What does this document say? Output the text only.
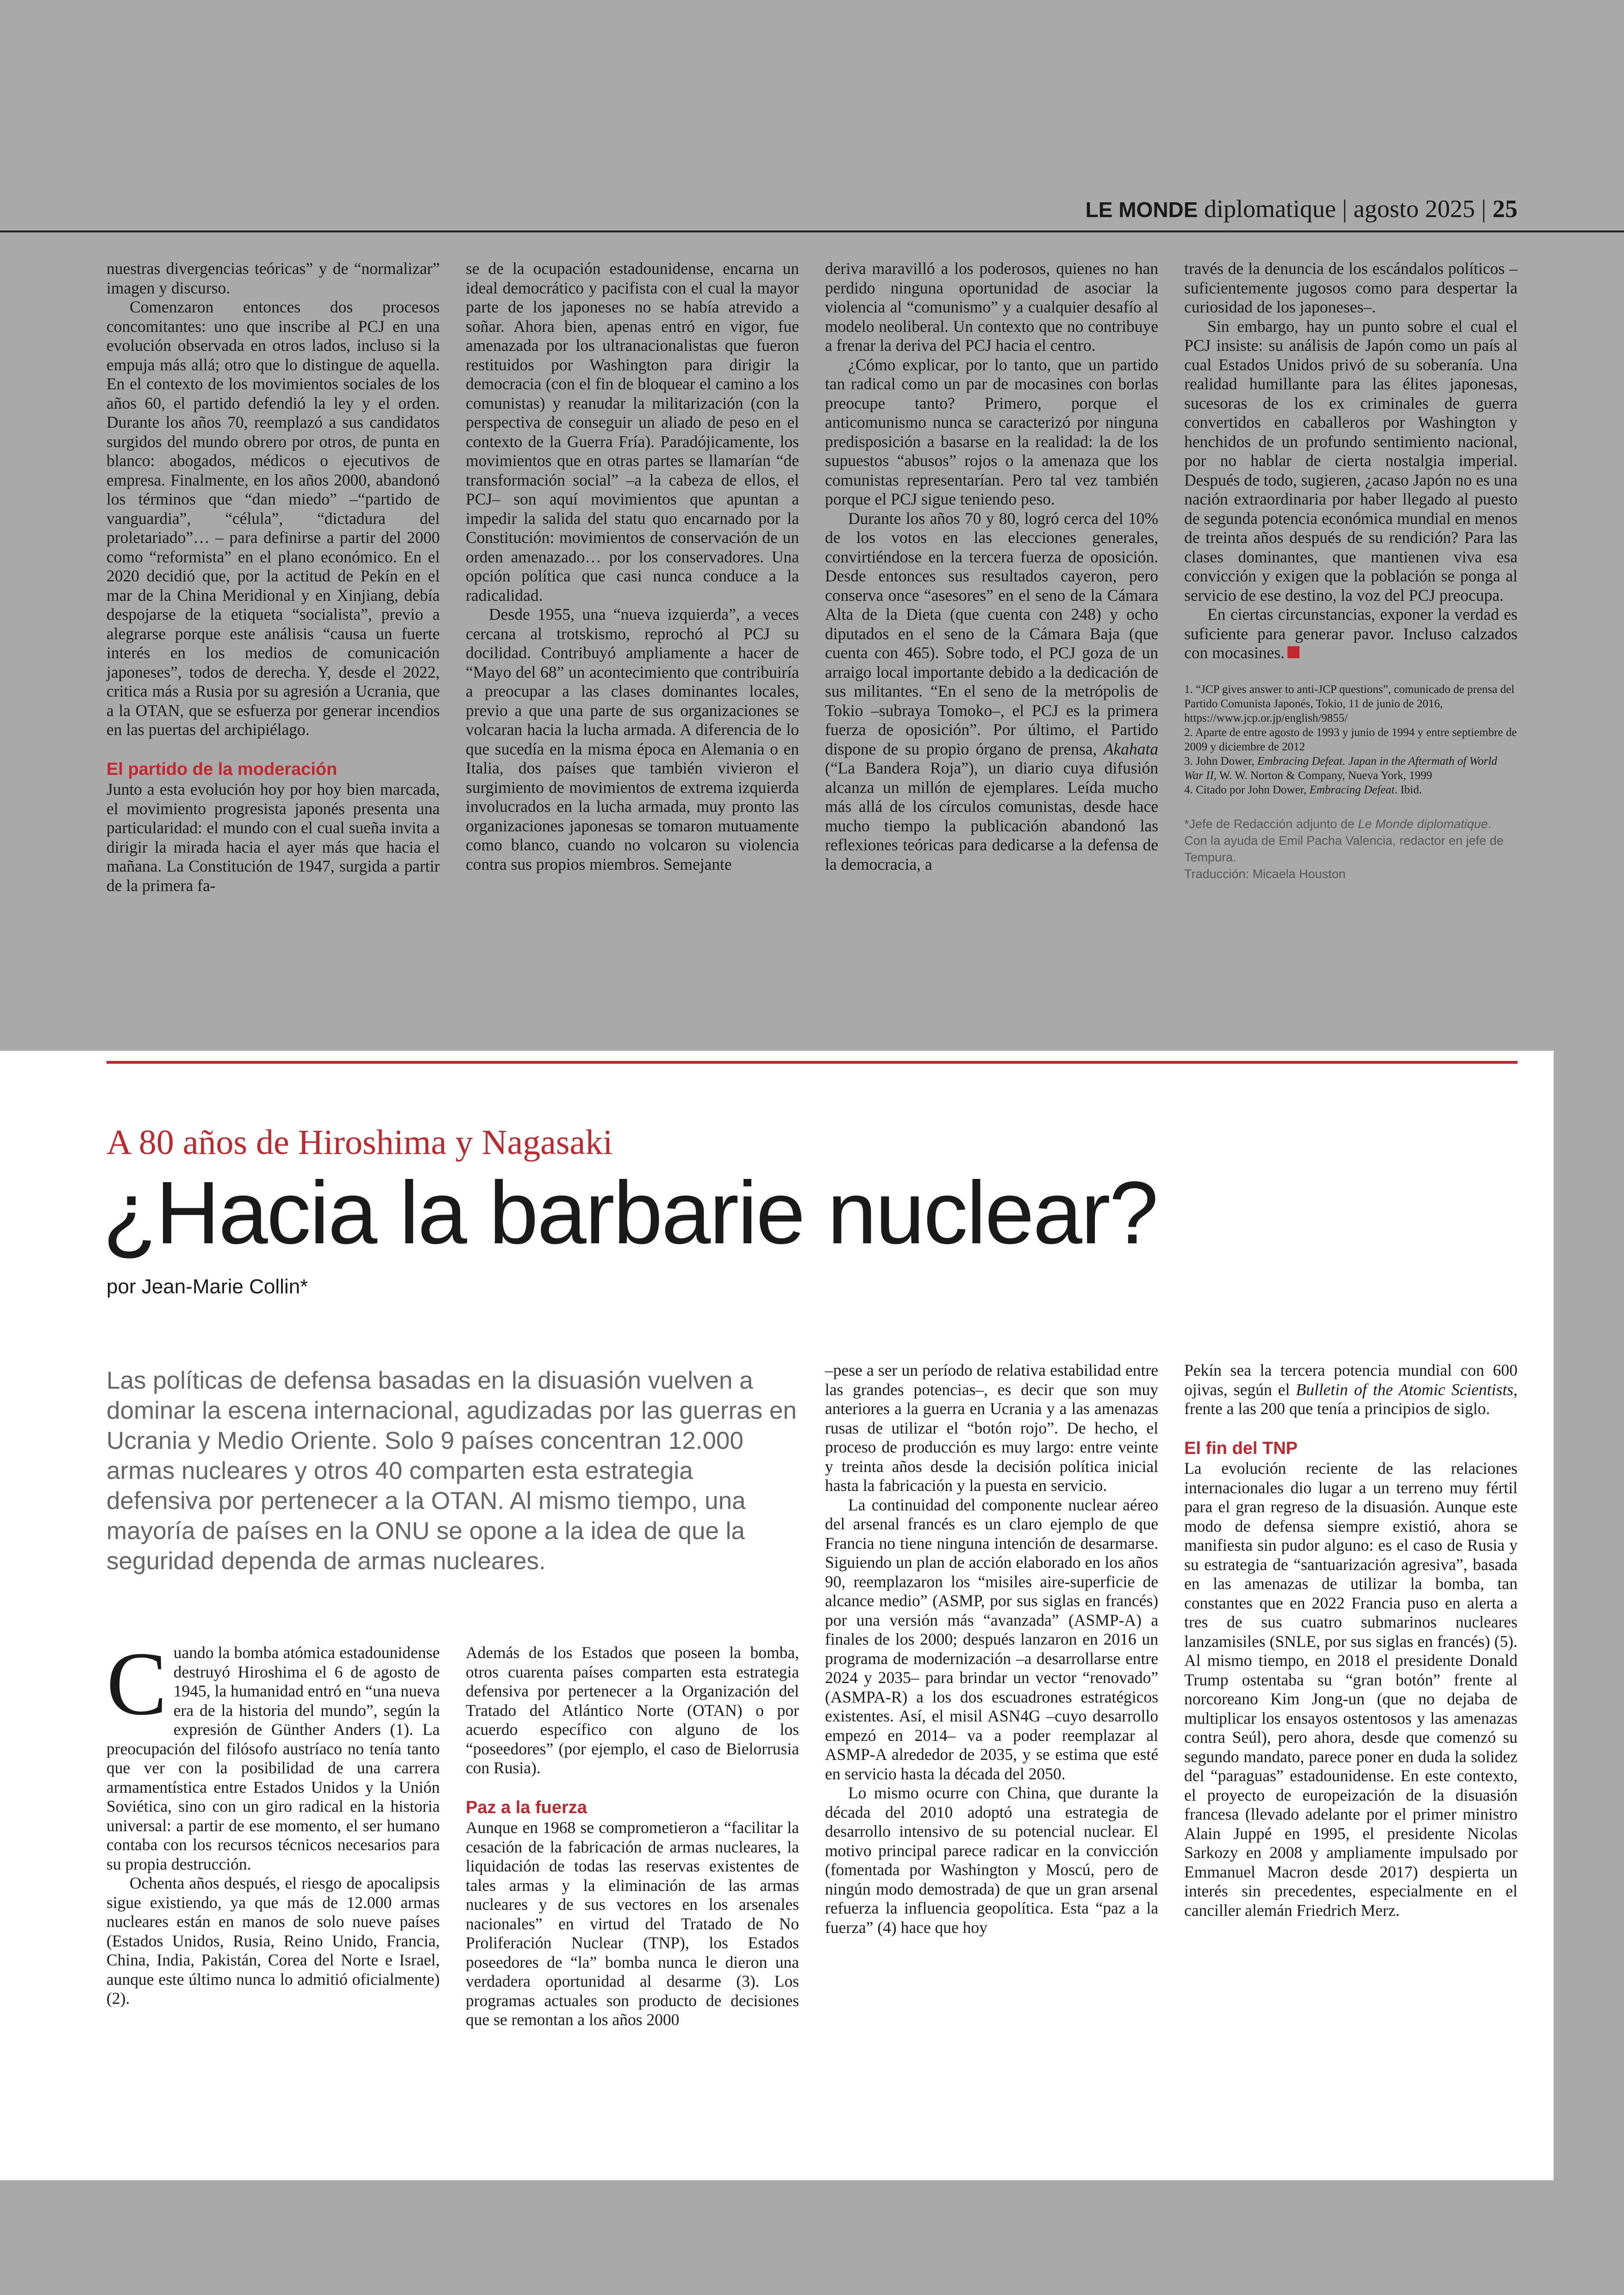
LE MONDE diplomatique | agosto 2025 | 25

nuestras divergencias teóricas” y de “normalizar” imagen y discurso.

Comenzaron entonces dos procesos concomitantes: uno que inscribe al PCJ en una evolución observada en otros lados, incluso si la empuja más allá; otro que lo distingue de aquella. En el contexto de los movimientos sociales de los años 60, el partido defendió la ley y el orden. Durante los años 70, reemplazó a sus candidatos surgidos del mundo obrero por otros, de punta en blanco: abogados, médicos o ejecutivos de empresa. Finalmente, en los años 2000, abandonó los términos que “dan miedo” –“partido de vanguardia”, “célula”, “dictadura del proletariado”… – para definirse a partir del 2000 como “reformista” en el plano económico. En el 2020 decidió que, por la actitud de Pekín en el mar de la China Meridional y en Xinjiang, debía despojarse de la etiqueta “socialista”, previo a alegrarse porque este análisis “causa un fuerte interés en los medios de comunicación japoneses”, todos de derecha. Y, desde el 2022, critica más a Rusia por su agresión a Ucrania, que a la OTAN, que se esfuerza por generar incendios en las puertas del archipiélago.

El partido de la moderación

Junto a esta evolución hoy por hoy bien marcada, el movimiento progresista japonés presenta una particularidad: el mundo con el cual sueña invita a dirigir la mirada hacia el ayer más que hacia el mañana. La Constitución de 1947, surgida a partir de la primera fa-

se de la ocupación estadounidense, encarna un ideal democrático y pacifista con el cual la mayor parte de los japoneses no se había atrevido a soñar. Ahora bien, apenas entró en vigor, fue amenazada por los ultranacionalistas que fueron restituidos por Washington para dirigir la democracia (con el fin de bloquear el camino a los comunistas) y reanudar la militarización (con la perspectiva de conseguir un aliado de peso en el contexto de la Guerra Fría). Paradójicamente, los movimientos que en otras partes se llamarían “de transformación social” –a la cabeza de ellos, el PCJ– son aquí movimientos que apuntan a impedir la salida del statu quo encarnado por la Constitución: movimientos de conservación de un orden amenazado… por los conservadores. Una opción política que casi nunca conduce a la radicalidad.

Desde 1955, una “nueva izquierda”, a veces cercana al trotskismo, reprochó al PCJ su docilidad. Contribuyó ampliamente a hacer de “Mayo del 68” un acontecimiento que contribuiría a preocupar a las clases dominantes locales, previo a que una parte de sus organizaciones se volcaran hacia la lucha armada. A diferencia de lo que sucedía en la misma época en Alemania o en Italia, dos países que también vivieron el surgimiento de movimientos de extrema izquierda involucrados en la lucha armada, muy pronto las organizaciones japonesas se tomaron mutuamente como blanco, cuando no volcaron su violencia contra sus propios miembros. Semejante

deriva maravilló a los poderosos, quienes no han perdido ninguna oportunidad de asociar la violencia al “comunismo” y a cualquier desafío al modelo neoliberal. Un contexto que no contribuye a frenar la deriva del PCJ hacia el centro.

¿Cómo explicar, por lo tanto, que un partido tan radical como un par de mocasines con borlas preocupe tanto? Primero, porque el anticomunismo nunca se caracterizó por ninguna predisposición a basarse en la realidad: la de los supuestos “abusos” rojos o la amenaza que los comunistas representarían. Pero tal vez también porque el PCJ sigue teniendo peso.

Durante los años 70 y 80, logró cerca del 10% de los votos en las elecciones generales, convirtiéndose en la tercera fuerza de oposición. Desde entonces sus resultados cayeron, pero conserva once “asesores” en el seno de la Cámara Alta de la Dieta (que cuenta con 248) y ocho diputados en el seno de la Cámara Baja (que cuenta con 465). Sobre todo, el PCJ goza de un arraigo local importante debido a la dedicación de sus militantes. “En el seno de la metrópolis de Tokio –subraya Tomoko–, el PCJ es la primera fuerza de oposición”. Por último, el Partido dispone de su propio órgano de prensa, Akahata (“La Bandera Roja”), un diario cuya difusión alcanza un millón de ejemplares. Leída mucho más allá de los círculos comunistas, desde hace mucho tiempo la publicación abandonó las reflexiones teóricas para dedicarse a la defensa de la democracia, a

través de la denuncia de los escándalos políticos –suficientemente jugosos como para despertar la curiosidad de los japoneses–.

Sin embargo, hay un punto sobre el cual el PCJ insiste: su análisis de Japón como un país al cual Estados Unidos privó de su soberanía. Una realidad humillante para las élites japonesas, sucesoras de los ex criminales de guerra convertidos en caballeros por Washington y henchidos de un profundo sentimiento nacional, por no hablar de cierta nostalgia imperial. Después de todo, sugieren, ¿acaso Japón no es una nación extraordinaria por haber llegado al puesto de segunda potencia económica mundial en menos de treinta años después de su rendición? Para las clases dominantes, que mantienen viva esa convicción y exigen que la población se ponga al servicio de ese destino, la voz del PCJ preocupa.

En ciertas circunstancias, exponer la verdad es suficiente para generar pavor. Incluso calzados con mocasines.

1. “JCP gives answer to anti-JCP questions”, comunicado de prensa del Partido Comunista Japonés, Tokio, 11 de junio de 2016, https://www.jcp.or.jp/english/9855/
2. Aparte de entre agosto de 1993 y junio de 1994 y entre septiembre de 2009 y diciembre de 2012
3. John Dower, Embracing Defeat. Japan in the Aftermath of World War II, W. W. Norton & Company, Nueva York, 1999
4. Citado por John Dower, Embracing Defeat. Ibid.
*Jefe de Redacción adjunto de Le Monde diplomatique. Con la ayuda de Emil Pacha Valencia, redactor en jefe de Tempura.
Traducción: Micaela Houston
A 80 años de Hiroshima y Nagasaki
¿Hacia la barbarie nuclear?
por Jean-Marie Collin*
Las políticas de defensa basadas en la disuasión vuelven a dominar la escena internacional, agudizadas por las guerras en Ucrania y Medio Oriente. Solo 9 países concentran 12.000 armas nucleares y otros 40 comparten esta estrategia defensiva por pertenecer a la OTAN. Al mismo tiempo, una mayoría de países en la ONU se opone a la idea de que la seguridad dependa de armas nucleares.

Cuando la bomba atómica estadounidense destruyó Hiroshima el 6 de agosto de 1945, la humanidad entró en “una nueva era de la historia del mundo”, según la expresión de Günther Anders (1). La preocupación del filósofo austríaco no tenía tanto que ver con la posibilidad de una carrera armamentística entre Estados Unidos y la Unión Soviética, sino con un giro radical en la historia universal: a partir de ese momento, el ser humano contaba con los recursos técnicos necesarios para su propia destrucción.

Ochenta años después, el riesgo de apocalipsis sigue existiendo, ya que más de 12.000 armas nucleares están en manos de solo nueve países (Estados Unidos, Rusia, Reino Unido, Francia, China, India, Pakistán, Corea del Norte e Israel, aunque este último nunca lo admitió oficialmente) (2).

Además de los Estados que poseen la bomba, otros cuarenta países comparten esta estrategia defensiva por pertenecer a la Organización del Tratado del Atlántico Norte (OTAN) o por acuerdo específico con alguno de los “poseedores” (por ejemplo, el caso de Bielorrusia con Rusia).

Paz a la fuerza

Aunque en 1968 se comprometieron a “facilitar la cesación de la fabricación de armas nucleares, la liquidación de todas las reservas existentes de tales armas y la eliminación de las armas nucleares y de sus vectores en los arsenales nacionales” en virtud del Tratado de No Proliferación Nuclear (TNP), los Estados poseedores de “la” bomba nunca le dieron una verdadera oportunidad al desarme (3). Los programas actuales son producto de decisiones que se remontan a los años 2000

–pese a ser un período de relativa estabilidad entre las grandes potencias–, es decir que son muy anteriores a la guerra en Ucrania y a las amenazas rusas de utilizar el “botón rojo”. De hecho, el proceso de producción es muy largo: entre veinte y treinta años desde la decisión política inicial hasta la fabricación y la puesta en servicio.

La continuidad del componente nuclear aéreo del arsenal francés es un claro ejemplo de que Francia no tiene ninguna intención de desarmarse. Siguiendo un plan de acción elaborado en los años 90, reemplazaron los “misiles aire-superficie de alcance medio” (ASMP, por sus siglas en francés) por una versión más “avanzada” (ASMP-A) a finales de los 2000; después lanzaron en 2016 un programa de modernización –a desarrollarse entre 2024 y 2035– para brindar un vector “renovado” (ASMPA-R) a los dos escuadrones estratégicos existentes. Así, el misil ASN4G –cuyo desarrollo empezó en 2014– va a poder reemplazar al ASMP-A alrededor de 2035, y se estima que esté en servicio hasta la década del 2050.

Lo mismo ocurre con China, que durante la década del 2010 adoptó una estrategia de desarrollo intensivo de su potencial nuclear. El motivo principal parece radicar en la convicción (fomentada por Washington y Moscú, pero de ningún modo demostrada) de que un gran arsenal refuerza la influencia geopolítica. Esta “paz a la fuerza” (4) hace que hoy

Pekín sea la tercera potencia mundial con 600 ojivas, según el Bulletin of the Atomic Scientists, frente a las 200 que tenía a principios de siglo.

El fin del TNP

La evolución reciente de las relaciones internacionales dio lugar a un terreno muy fértil para el gran regreso de la disuasión. Aunque este modo de defensa siempre existió, ahora se manifiesta sin pudor alguno: es el caso de Rusia y su estrategia de “santuarización agresiva”, basada en las amenazas de utilizar la bomba, tan constantes que en 2022 Francia puso en alerta a tres de sus cuatro submarinos nucleares lanzamisiles (SNLE, por sus siglas en francés) (5). Al mismo tiempo, en 2018 el presidente Donald Trump ostentaba su “gran botón” frente al norcoreano Kim Jong-un (que no dejaba de multiplicar los ensayos ostentosos y las amenazas contra Seúl), pero ahora, desde que comenzó su segundo mandato, parece poner en duda la solidez del “paraguas” estadounidense. En este contexto, el proyecto de europeización de la disuasión francesa (llevado adelante por el primer ministro Alain Juppé en 1995, el presidente Nicolas Sarkozy en 2008 y ampliamente impulsado por Emmanuel Macron desde 2017) despierta un interés sin precedentes, especialmente en el canciller alemán Friedrich Merz.
